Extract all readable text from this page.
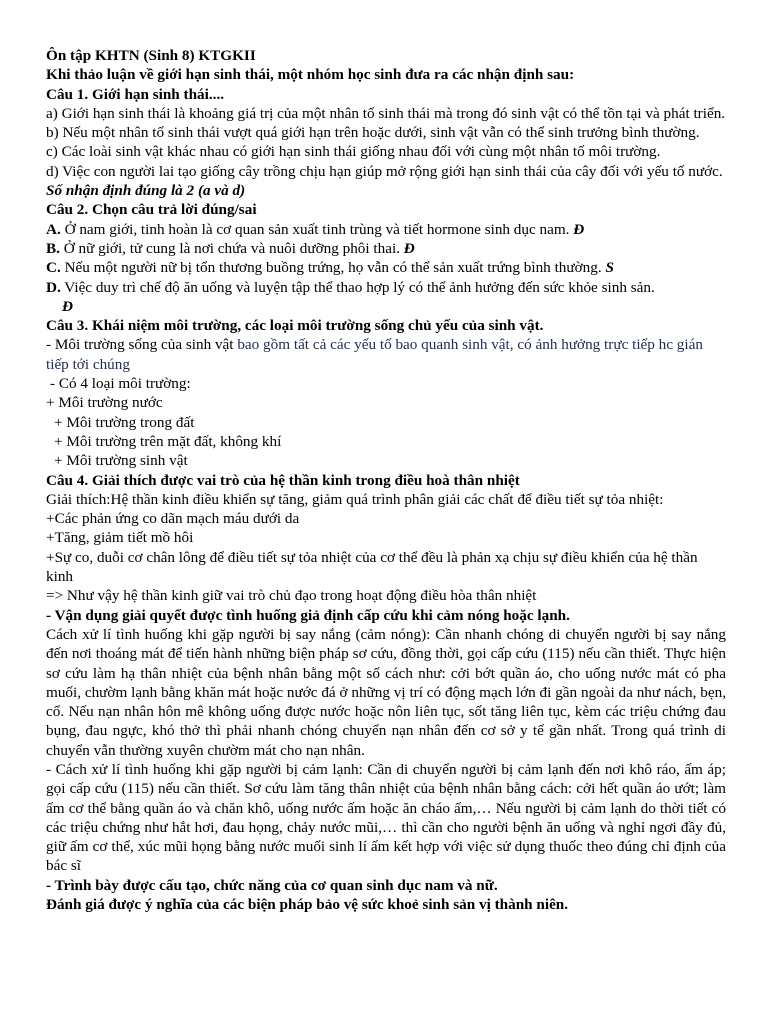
Ôn tập KHTN (Sinh 8) KTGKII

Khi thảo luận về giới hạn sinh thái, một nhóm học sinh đưa ra các nhận định sau:

Câu 1. Giới hạn sinh thái....

a) Giới hạn sinh thái là khoảng giá trị của một nhân tố sinh thái mà trong đó sinh vật có thể tồn tại và phát triển.

b) Nếu một nhân tố sinh thái vượt quá giới hạn trên hoặc dưới, sinh vật vẫn có thể sinh trưởng bình thường.

c) Các loài sinh vật khác nhau có giới hạn sinh thái giống nhau đối với cùng một nhân tố môi trường.

d) Việc con người lai tạo giống cây trồng chịu hạn giúp mở rộng giới hạn sinh thái của cây đối với yếu tố nước.

Số nhận định đúng là 2 (a và d)

Câu 2. Chọn câu trả lời đúng/sai

A. Ở nam giới, tinh hoàn là cơ quan sản xuất tinh trùng và tiết hormone sinh dục nam. Đ

B. Ở nữ giới, tử cung là nơi chứa và nuôi dưỡng phôi thai. Đ

C. Nếu một người nữ bị tổn thương buồng trứng, họ vẫn có thể sản xuất trứng bình thường. S

D. Việc duy trì chế độ ăn uống và luyện tập thể thao hợp lý có thể ảnh hưởng đến sức khỏe sinh sản.

Đ

Câu 3. Khái niệm môi trường, các loại môi trường sống chủ yếu của sinh vật.

- Môi trường sống của sinh vật bao gồm tất cả các yếu tố bao quanh sinh vật, có ảnh hưởng trực tiếp hc gián tiếp tới chúng

- Có 4 loại môi trường:

+ Môi trường nước

+ Môi trường trong đất

+ Môi trường trên mặt đất, không khí

+ Môi trường sinh vật

Câu 4. Giải thích được vai trò của hệ thần kinh trong điều hoà thân nhiệt

Giải thích:Hệ thần kinh điều khiển sự tăng, giảm quá trình phân giải các chất để điều tiết sự tỏa nhiệt:

+Các phản ứng co dãn mạch máu dưới da

+Tăng, giảm tiết mồ hôi

+Sự co, duỗi cơ chân lông để điều tiết sự tỏa nhiệt của cơ thể đều là phản xạ chịu sự điều khiển của hệ thần kinh

=> Như vậy hệ thần kinh giữ vai trò chủ đạo trong hoạt động điều hòa thân nhiệt

- Vận dụng giải quyết được tình huống giả định cấp cứu khi cảm nóng hoặc lạnh.

Cách xử lí tình huống khi gặp người bị say nắng (cảm nóng): Cần nhanh chóng di chuyển người bị say nắng đến nơi thoáng mát để tiến hành những biện pháp sơ cứu, đồng thời, gọi cấp cứu (115) nếu cần thiết. Thực hiện sơ cứu làm hạ thân nhiệt của bệnh nhân bằng một số cách như: cởi bớt quần áo, cho uống nước mát có pha muối, chườm lạnh bằng khăn mát hoặc nước đá ở những vị trí có động mạch lớn đi gần ngoài da như nách, bẹn, cổ. Nếu nạn nhân hôn mê không uống được nước hoặc nôn liên tục, sốt tăng liên tục, kèm các triệu chứng đau bụng, đau ngực, khó thở thì phải nhanh chóng chuyển nạn nhân đến cơ sở y tế gần nhất. Trong quá trình di chuyển vẫn thường xuyên chườm mát cho nạn nhân.

- Cách xử lí tình huống khi gặp người bị cảm lạnh: Cần di chuyển người bị cảm lạnh đến nơi khô ráo, ấm áp; gọi cấp cứu (115) nếu cần thiết. Sơ cứu làm tăng thân nhiệt của bệnh nhân bằng cách: cởi hết quần áo ướt; làm ấm cơ thể bằng quần áo và chăn khô, uống nước ấm hoặc ăn cháo ấm,… Nếu người bị cảm lạnh do thời tiết có các triệu chứng như hắt hơi, đau họng, chảy nước mũi,… thì cần cho người bệnh ăn uống và nghỉ ngơi đầy đủ, giữ ấm cơ thể, xúc mũi họng bằng nước muối sinh lí ấm kết hợp với việc sử dụng thuốc theo đúng chỉ định của bác sĩ

- Trình bày được cấu tạo, chức năng của cơ quan sinh dục nam và nữ.

Đánh giá được ý nghĩa của các biện pháp bảo vệ sức khoẻ sinh sản vị thành niên.
